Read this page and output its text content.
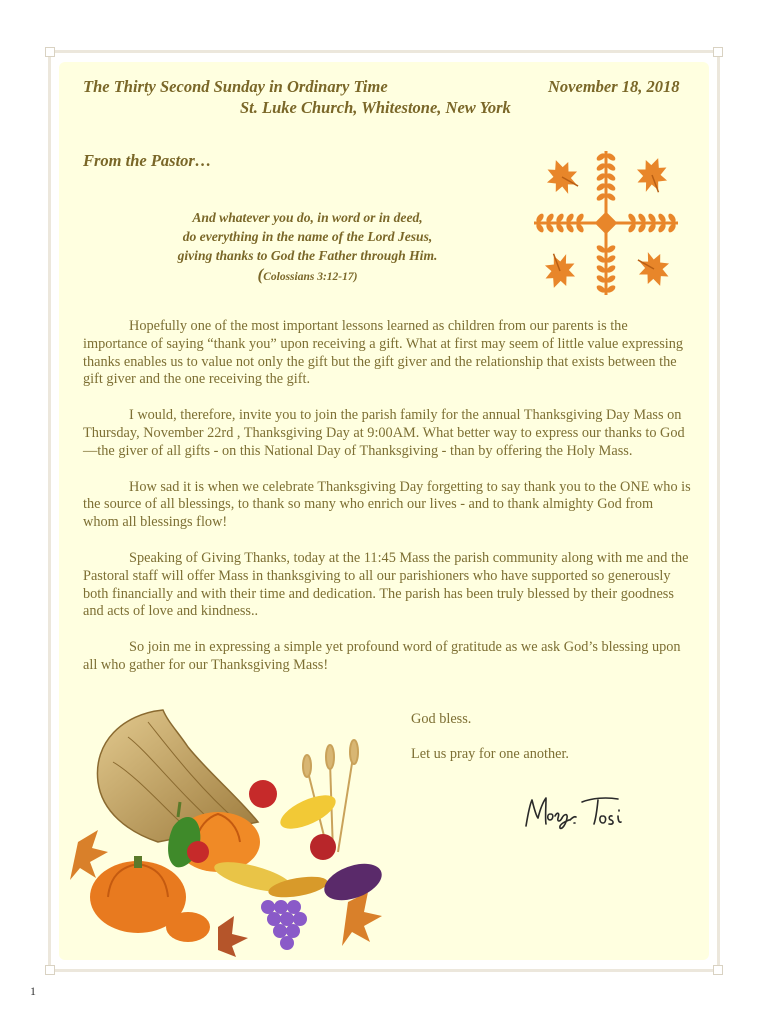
The Thirty Second Sunday in Ordinary Time	November 18, 2018
St. Luke Church, Whitestone, New York
From the Pastor…
And whatever you do, in word or in deed,
do everything in the name of the Lord Jesus,
giving thanks to God the Father through Him.
(Colossians 3:12-17)

Hopefully one of the most important lessons learned as children from our parents is the importance of saying “thank you” upon receiving a gift. What at first may seem of little value expressing thanks enables us to value not only the gift but the gift giver and the relationship that exists between the gift giver and the one receiving the gift.

I would, therefore, invite you to join the parish family for the annual Thanksgiving Day Mass on Thursday, November 22rd , Thanksgiving Day at 9:00AM. What better way to express our thanks to God—the giver of all gifts - on this National Day of Thanksgiving - than by offering the Holy Mass.

How sad it is when we celebrate Thanksgiving Day forgetting to say thank you to the ONE who is the source of all blessings, to thank so many who enrich our lives - and to thank almighty God from whom all blessings flow!

Speaking of Giving Thanks, today at the 11:45 Mass the parish community along with me and the Pastoral staff will offer Mass in thanksgiving to all our parishioners who have supported so generously both financially and with their time and dedication. The parish has been truly blessed by their goodness and acts of love and kindness..

So join me in expressing a simple yet profound word of gratitude as we ask God’s blessing upon all who gather for our Thanksgiving Mass!

God bless.
Let us pray for one another.
1
